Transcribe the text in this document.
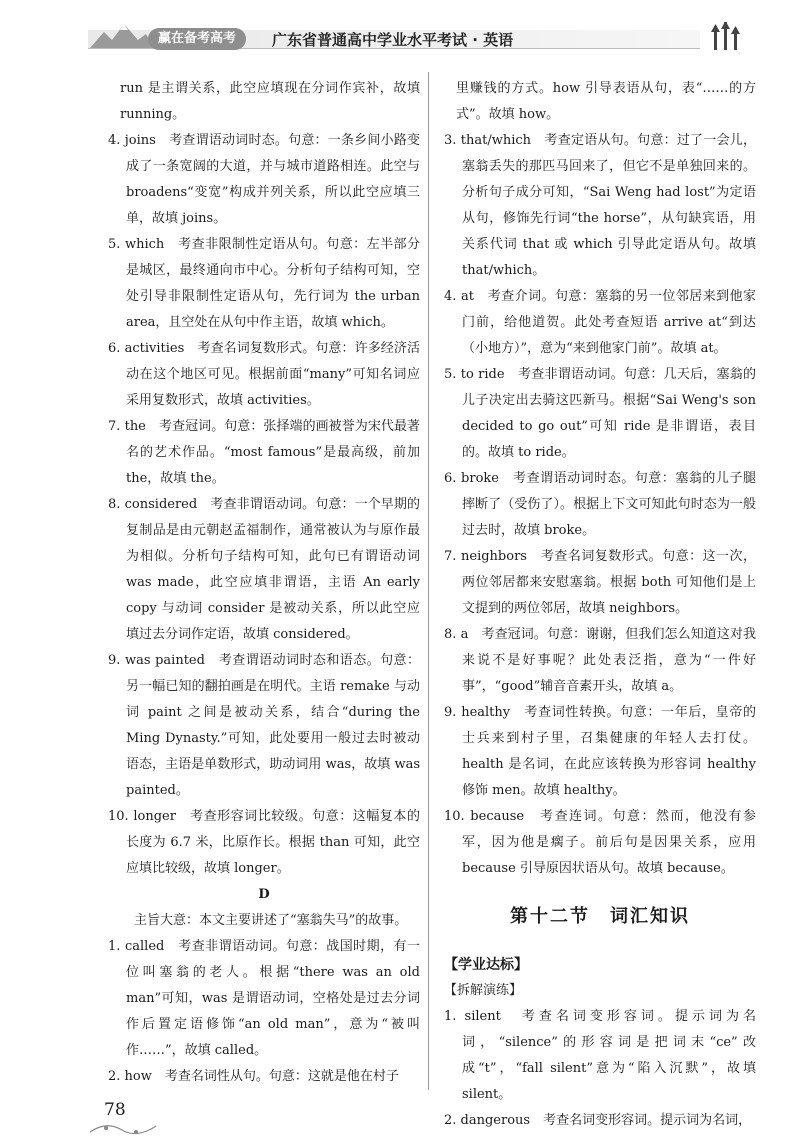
赢在备考高考	广东省普通高中学业水平考试 · 英语
run 是主谓关系，此空应填现在分词作宾补，故填 running。
4. joins　考查谓语动词时态。句意：一条乡间小路变成了一条宽阔的大道，并与城市道路相连。此空与 broadens“变宽”构成并列关系，所以此空应填三单，故填 joins。
5. which　考查非限制性定语从句。句意：左半部分是城区，最终通向市中心。分析句子结构可知，空处引导非限制性定语从句，先行词为 the urban area，且空处在从句中作主语，故填 which。
6. activities　考查名词复数形式。句意：许多经济活动在这个地区可见。根据前面“many”可知名词应采用复数形式，故填 activities。
7. the　考查冠词。句意：张择端的画被誉为宋代最著名的艺术作品。“most famous”是最高级，前加 the，故填 the。
8. considered　考查非谓语动词。句意：一个早期的复制品是由元朝赵孟福制作，通常被认为与原作最为相似。分析句子结构可知，此句已有谓语动词 was made，此空应填非谓语，主语 An early copy 与动词 consider 是被动关系，所以此空应填过去分词作定语，故填 considered。
9. was painted　考查谓语动词时态和语态。句意：另一幅已知的翻拍画是在明代。主语 remake 与动词 paint 之间是被动关系，结合“during the Ming Dynasty.”可知，此处要用一般过去时被动语态，主语是单数形式，助动词用 was，故填 was painted。
10. longer　考查形容词比较级。句意：这幅复本的长度为 6.7 米，比原作长。根据 than 可知，此空应填比较级，故填 longer。
D
主旨大意：本文主要讲述了“塞翁失马”的故事。
1. called　考查非谓语动词。句意：战国时期，有一位叫塞翁的老人。根据“there was an old man”可知，was 是谓语动词，空格处是过去分词作后置定语修饰“an old man”，意为“被叫作……”，故填 called。
2. how　考查名词性从句。句意：这就是他在村子
里赚钱的方式。how 引导表语从句，表“……的方式”。故填 how。
3. that/which　考查定语从句。句意：过了一会儿，塞翁丢失的那匹马回来了，但它不是单独回来的。分析句子成分可知，“Sai Weng had lost”为定语从句，修饰先行词“the horse”，从句缺宾语，用关系代词 that 或 which 引导此定语从句。故填 that/which。
4. at　考查介词。句意：塞翁的另一位邻居来到他家门前，给他道贺。此处考查短语 arrive at“到达（小地方）”，意为“来到他家门前”。故填 at。
5. to ride　考查非谓语动词。句意：几天后，塞翁的儿子决定出去骑这匹新马。根据“Sai Weng's son decided to go out”可知 ride 是非谓语，表目的。故填 to ride。
6. broke　考查谓语动词时态。句意：塞翁的儿子腿摔断了（受伤了）。根据上下文可知此句时态为一般过去时，故填 broke。
7. neighbors　考查名词复数形式。句意：这一次，两位邻居都来安慰塞翁。根据 both 可知他们是上文提到的两位邻居，故填 neighbors。
8. a　考查冠词。句意：谢谢，但我们怎么知道这对我来说不是好事呢？此处表泛指，意为“一件好事”，“good”辅音音素开头，故填 a。
9. healthy　考查词性转换。句意：一年后，皇帝的士兵来到村子里，召集健康的年轻人去打仗。health 是名词，在此应该转换为形容词 healthy 修饰 men。故填 healthy。
10. because　考查连词。句意：然而，他没有参军，因为他是瘸子。前后句是因果关系，应用 because 引导原因状语从句。故填 because。
第十二节　词汇知识
【学业达标】
【拆解演练】
1. silent　考查名词变形容词。提示词为名词，“silence”的形容词是把词末“ce”改成“t”，“fall silent”意为“陷入沉默”，故填 silent。
2. dangerous　考查名词变形容词。提示词为名词，
78
